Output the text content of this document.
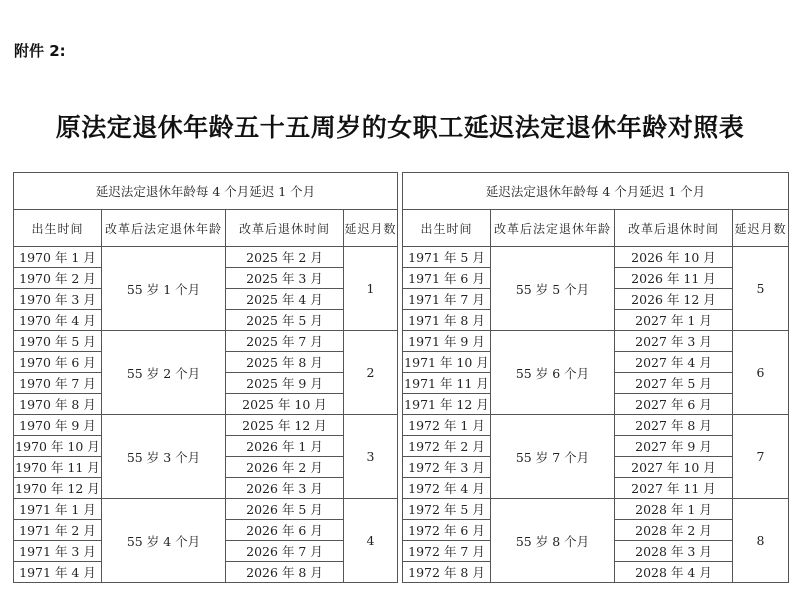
附件 2:
原法定退休年龄五十五周岁的女职工延迟法定退休年龄对照表
延迟法定退休年龄每 4 个月延迟 1 个月			
出生时间	改革后法定退休年龄	改革后退休时间	延迟月数
1970 年 1 月	55 岁 1 个月	2025 年 2 月	1
1970 年 2 月		2025 年 3 月	
1970 年 3 月		2025 年 4 月	
1970 年 4 月		2025 年 5 月	
1970 年 5 月	55 岁 2 个月	2025 年 7 月	2
1970 年 6 月		2025 年 8 月	
1970 年 7 月		2025 年 9 月	
1970 年 8 月		2025 年 10 月	
1970 年 9 月	55 岁 3 个月	2025 年 12 月	3
1970 年 10 月		2026 年 1 月	
1970 年 11 月		2026 年 2 月	
1970 年 12 月		2026 年 3 月	
1971 年 1 月	55 岁 4 个月	2026 年 5 月	4
1971 年 2 月		2026 年 6 月	
1971 年 3 月		2026 年 7 月	
1971 年 4 月		2026 年 8 月	
延迟法定退休年龄每 4 个月延迟 1 个月			
出生时间	改革后法定退休年龄	改革后退休时间	延迟月数
1971 年 5 月	55 岁 5 个月	2026 年 10 月	5
1971 年 6 月		2026 年 11 月	
1971 年 7 月		2026 年 12 月	
1971 年 8 月		2027 年 1 月	
1971 年 9 月	55 岁 6 个月	2027 年 3 月	6
1971 年 10 月		2027 年 4 月	
1971 年 11 月		2027 年 5 月	
1971 年 12 月		2027 年 6 月	
1972 年 1 月	55 岁 7 个月	2027 年 8 月	7
1972 年 2 月		2027 年 9 月	
1972 年 3 月		2027 年 10 月	
1972 年 4 月		2027 年 11 月	
1972 年 5 月	55 岁 8 个月	2028 年 1 月	8
1972 年 6 月		2028 年 2 月	
1972 年 7 月		2028 年 3 月	
1972 年 8 月		2028 年 4 月	
